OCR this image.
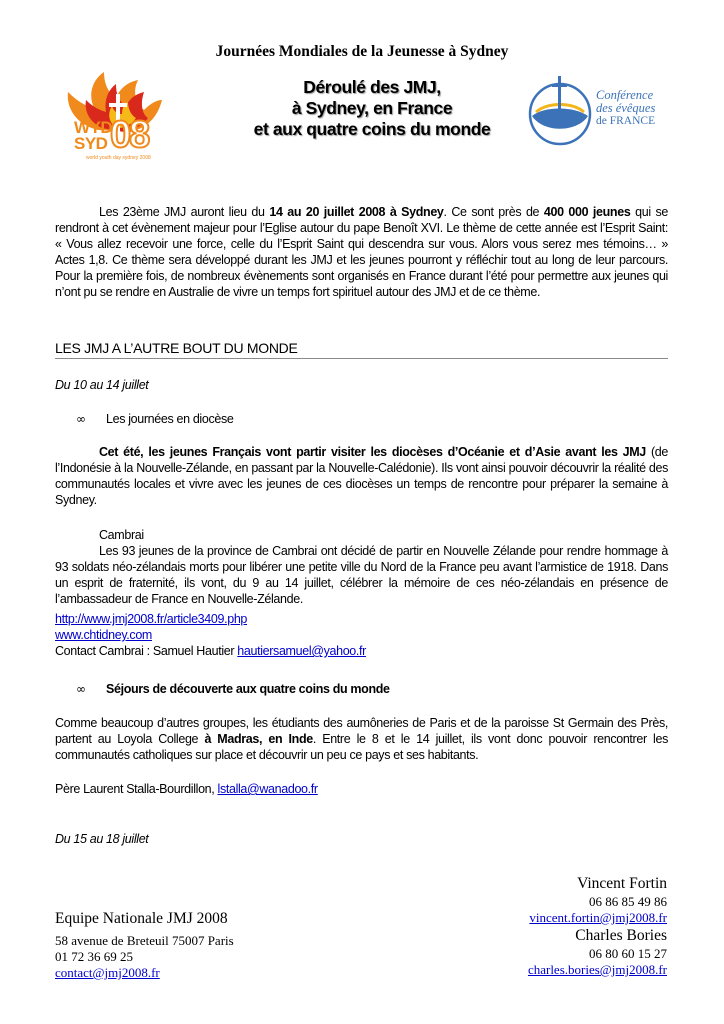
Journées Mondiales de la Jeunesse à Sydney
WYD
SYD 08
world youth day sydney 2008
Déroulé des JMJ,
à Sydney, en France
et aux quatre coins du monde
Conférence
des évêques
de FRANCE
Les 23ème JMJ auront lieu du 14 au 20 juillet 2008 à Sydney. Ce sont près de 400 000 jeunes qui se rendront à cet évènement majeur pour l’Eglise autour du pape Benoît XVI. Le thème de cette année est l’Esprit Saint: « Vous allez recevoir une force, celle du l’Esprit Saint qui descendra sur vous. Alors vous serez mes témoins… » Actes 1,8. Ce thème sera développé durant les JMJ et les jeunes pourront y réfléchir tout au long de leur parcours. Pour la première fois, de nombreux évènements sont organisés en France durant l’été pour permettre aux jeunes qui n’ont pu se rendre en Australie de vivre un temps fort spirituel autour des JMJ et de ce thème.
LES JMJ A L’AUTRE BOUT DU MONDE
Du 10 au 14 juillet
∞ Les journées en diocèse
Cet été, les jeunes Français vont partir visiter les diocèses d’Océanie et d’Asie avant les JMJ (de l’Indonésie à la Nouvelle-Zélande, en passant par la Nouvelle-Calédonie). Ils vont ainsi pouvoir découvrir la réalité des communautés locales et vivre avec les jeunes de ces diocèses un temps de rencontre pour préparer la semaine à Sydney.
Cambrai
Les 93 jeunes de la province de Cambrai ont décidé de partir en Nouvelle Zélande pour rendre hommage à 93 soldats néo-zélandais morts pour libérer une petite ville du Nord de la France peu avant l’armistice de 1918. Dans un esprit de fraternité, ils vont, du 9 au 14 juillet, célébrer la mémoire de ces néo-zélandais en présence de l’ambassadeur de France en Nouvelle-Zélande.
http://www.jmj2008.fr/article3409.php
www.chtidney.com
Contact Cambrai : Samuel Hautier hautiersamuel@yahoo.fr
∞ Séjours de découverte aux quatre coins du monde
Comme beaucoup d’autres groupes, les étudiants des aumôneries de Paris et de la paroisse St Germain des Près, partent au Loyola College à Madras, en Inde. Entre le 8 et le 14 juillet, ils vont donc pouvoir rencontrer les communautés catholiques sur place et découvrir un peu ce pays et ses habitants.
Père Laurent Stalla-Bourdillon, lstalla@wanadoo.fr
Du 15 au 18 juillet
Equipe Nationale JMJ 2008
58 avenue de Breteuil 75007 Paris
01 72 36 69 25
contact@jmj2008.fr
Vincent Fortin
06 86 85 49 86
vincent.fortin@jmj2008.fr
Charles Bories
06 80 60 15 27
charles.bories@jmj2008.fr
